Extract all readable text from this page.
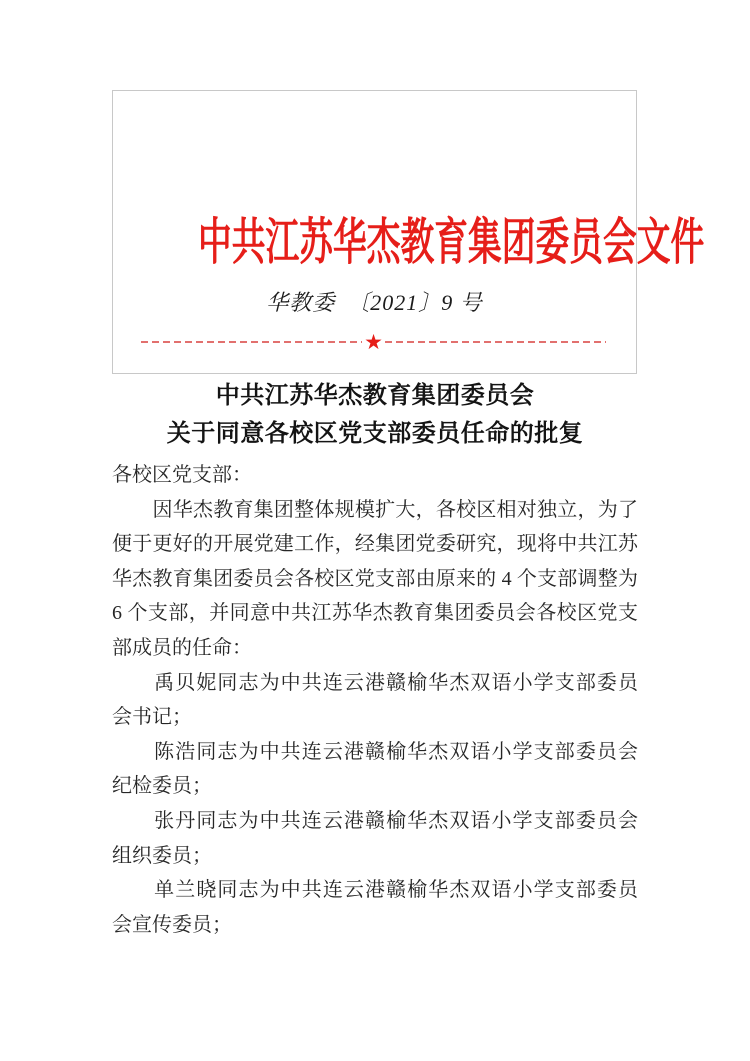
中共江苏华杰教育集团委员会文件
华教委　〔2021〕9 号
★
中共江苏华杰教育集团委员会
关于同意各校区党支部委员任命的批复
各校区党支部：
　　因华杰教育集团整体规模扩大，各校区相对独立，为了
便于更好的开展党建工作，经集团党委研究，现将中共江苏
华杰教育集团委员会各校区党支部由原来的 4 个支部调整为
6 个支部，并同意中共江苏华杰教育集团委员会各校区党支
部成员的任命：
　　禹贝妮同志为中共连云港赣榆华杰双语小学支部委员
会书记；
　　陈浩同志为中共连云港赣榆华杰双语小学支部委员会
纪检委员；
　　张丹同志为中共连云港赣榆华杰双语小学支部委员会
组织委员；
　　单兰晓同志为中共连云港赣榆华杰双语小学支部委员
会宣传委员；
